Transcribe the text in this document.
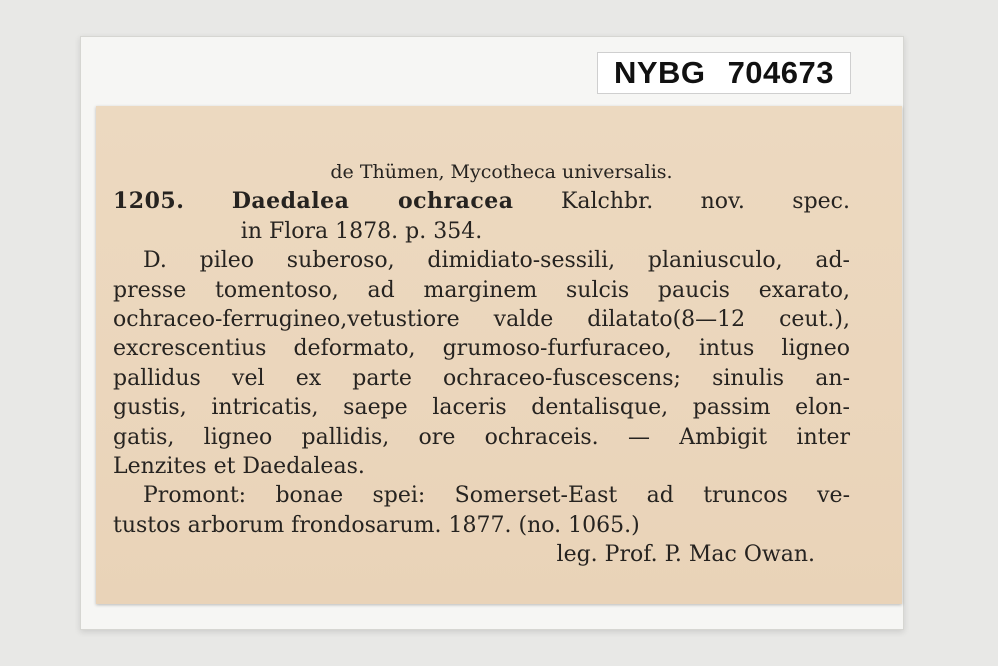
NYBG 704673
de Thümen, Mycotheca universalis.
1205. Daedalea ochracea Kalchbr. nov. spec.
in Flora 1878. p. 354.
D. pileo suberoso, dimidiato-sessili, planiusculo, ad-
presse tomentoso, ad marginem sulcis paucis exarato,
ochraceo-ferrugineo,vetustiore valde dilatato(8—12 ceut.),
excrescentius deformato, grumoso-furfuraceo, intus ligneo
pallidus vel ex parte ochraceo-fuscescens; sinulis an-
gustis, intricatis, saepe laceris dentalisque, passim elon-
gatis, ligneo pallidis, ore ochraceis. — Ambigit inter
Lenzites et Daedaleas.
Promont: bonae spei: Somerset-East ad truncos ve-
tustos arborum frondosarum. 1877. (no. 1065.)
leg. Prof. P. Mac Owan.
